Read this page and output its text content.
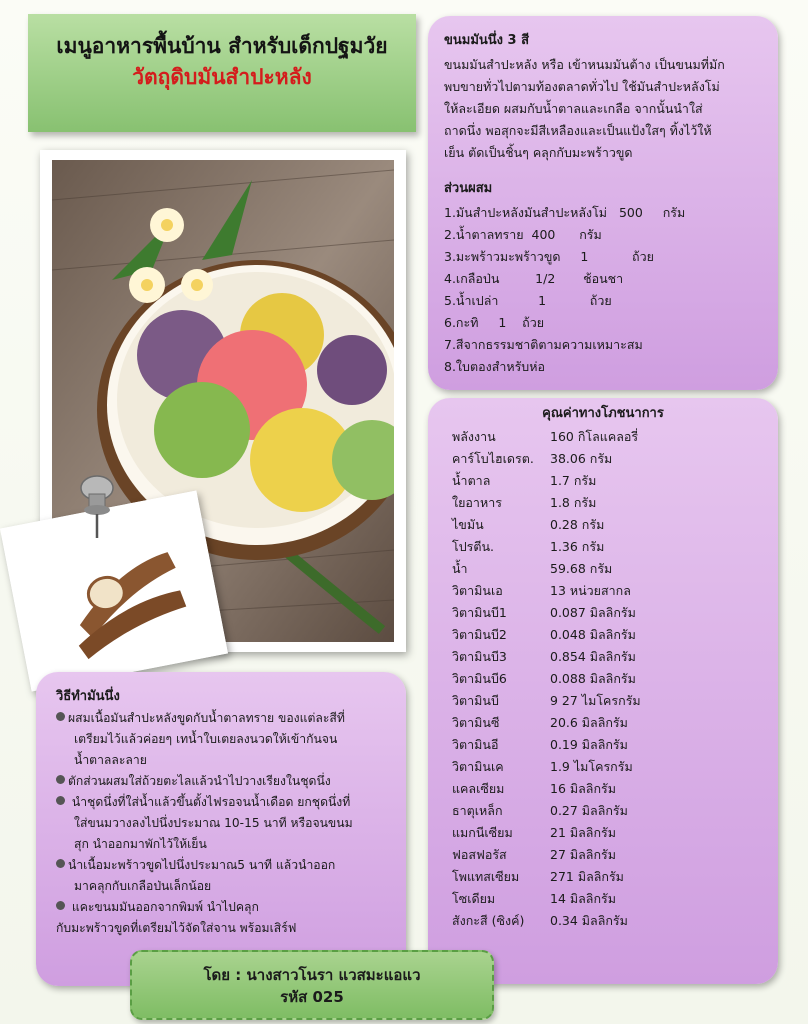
เมนูอาหารพื้นบ้าน สำหรับเด็กปฐมวัย
วัตถุดิบมันสำปะหลัง
ขนมมันนึ่ง 3 สี
ขนมมันสำปะหลัง หรือ เข้าหนมมันต้าง เป็นขนมที่มัก
พบขายทั่วไปตามท้องตลาดทั่วไป ใช้มันสำปะหลังโม่
ให้ละเอียด ผสมกับน้ำตาลและเกลือ จากนั้นนำใส่
ถาดนึ่ง พอสุกจะมีสีเหลืองและเป็นแป้งใสๆ ทิ้งไว้ให้
เย็น ตัดเป็นชิ้นๆ คลุกกับมะพร้าวขูด
ส่วนผสม
1.มันสำปะหลังมันสำปะหลังโม่   500     กรัม
2.น้ำตาลทราย  400      กรัม
3.มะพร้าวมะพร้าวขูด     1           ถ้วย
4.เกลือป่น         1/2       ช้อนชา
5.น้ำเปล่า          1           ถ้วย
6.กะทิ     1    ถ้วย
7.สีจากธรรมชาติตามความเหมาะสม
8.ใบตองสำหรับห่อ
คุณค่าทางโภชนาการ
พลังงาน	160 กิโลแคลอรี่
คาร์โบไฮเดรต.	38.06 กรัม
น้ำตาล	1.7 กรัม
ใยอาหาร	1.8 กรัม
ไขมัน	0.28 กรัม
โปรตีน.	1.36 กรัม
น้ำ	59.68 กรัม
วิตามินเอ	13 หน่วยสากล
วิตามินบี1	0.087 มิลลิกรัม
วิตามินบี2	0.048 มิลลิกรัม
วิตามินบี3	0.854 มิลลิกรัม
วิตามินบี6	0.088 มิลลิกรัม
วิตามินบี	9 27 ไมโครกรัม
วิตามินซี	20.6 มิลลิกรัม
วิตามินอี	0.19 มิลลิกรัม
วิตามินเค	1.9 ไมโครกรัม
แคลเซียม	16 มิลลิกรัม
ธาตุเหล็ก	0.27 มิลลิกรัม
แมกนีเซียม	21 มิลลิกรัม
ฟอสฟอรัส	27 มิลลิกรัม
โพแทสเซียม	271 มิลลิกรัม
โซเดียม	14 มิลลิกรัม
สังกะสี (ซิงค์)	0.34 มิลลิกรัม
วิธีทำมันนึ่ง
ผสมเนื้อมันสำปะหลังขูดกับน้ำตาลทราย ของแต่ละสีที่
เตรียมไว้แล้วค่อยๆ เทน้ำใบเตยลงนวดให้เข้ากันจน
น้ำตาลละลาย
ตักส่วนผสมใส่ถ้วยตะไลแล้วนำไปวางเรียงในชุดนึ่ง
นำชุดนึ่งที่ใส่น้ำแล้วขึ้นตั้งไฟรอจนน้ำเดือด ยกชุดนึ่งที่
ใส่ขนมวางลงไปนึ่งประมาณ 10-15 นาที หรือจนขนม
สุก นำออกมาพักไว้ให้เย็น
นำเนื้อมะพร้าวขูดไปนึ่งประมาณ5 นาที แล้วนำออก
มาคลุกกับเกลือป่นเล็กน้อย
แคะขนมมันออกจากพิมพ์ นำไปคลุก
กับมะพร้าวขูดที่เตรียมไว้จัดใส่จาน พร้อมเสิร์ฟ
โดย : นางสาวโนรา แวสมะแอแว
รหัส 025
